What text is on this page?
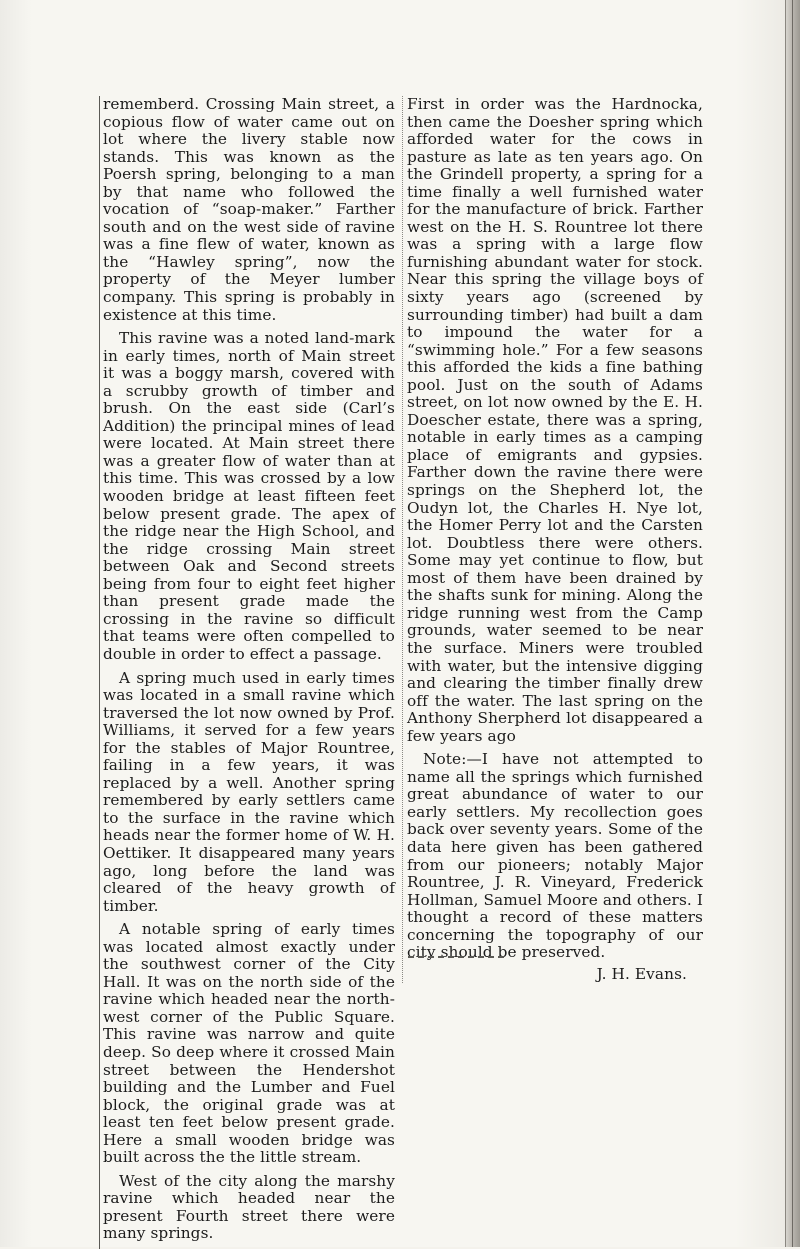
rememberd. Crossing Main street, a copious flow of water came out on lot where the livery stable now stands. This was known as the Poersh spring, belonging to a man by that name who followed the vocation of “soap-maker.” Farther south and on the west side of ravine was a fine flew of water, known as the “Hawley spring”, now the property of the Meyer lumber company. This spring is probably in existence at this time.

This ravine was a noted land-mark in early times, north of Main street it was a boggy marsh, covered with a scrubby growth of timber and brush. On the east side (Carl’s Addition) the principal mines of lead were located. At Main street there was a greater flow of water than at this time. This was crossed by a low wooden bridge at least fifteen feet below present grade. The apex of the ridge near the High School, and the ridge crossing Main street between Oak and Second streets being from four to eight feet higher than present grade made the crossing in the ravine so difficult that teams were often compelled to double in order to effect a passage.

A spring much used in early times was located in a small ravine which traversed the lot now owned by Prof. Williams, it served for a few years for the stables of Major Rountree, failing in a few years, it was replaced by a well. Another spring remembered by early settlers came to the surface in the ravine which heads near the former home of W. H. Oettiker. It disappeared many years ago, long before the land was cleared of the heavy growth of timber.

A notable spring of early times was located almost exactly under the southwest corner of the City Hall. It was on the north side of the ravine which headed near the north-west corner of the Public Square. This ravine was narrow and quite deep. So deep where it crossed Main street between the Hendershot building and the Lumber and Fuel block, the original grade was at least ten feet below present grade. Here a small wooden bridge was built across the the little stream.

West of the city along the marshy ravine which headed near the present Fourth street there were many springs.

First in order was the Hardnocka, then came the Doesher spring which afforded water for the cows in pasture as late as ten years ago. On the Grindell property, a spring for a time finally a well furnished water for the manufacture of brick. Farther west on the H. S. Rountree lot there was a spring with a large flow furnishing abundant water for stock. Near this spring the village boys of sixty years ago (screened by surrounding timber) had built a dam to impound the water for a “swimming hole.” For a few seasons this afforded the kids a fine bathing pool. Just on the south of Adams street, on lot now owned by the E. H. Doescher estate, there was a spring, notable in early times as a camping place of emigrants and gypsies. Farther down the ravine there were springs on the Shepherd lot, the Oudyn lot, the Charles H. Nye lot, the Homer Perry lot and the Carsten lot. Doubtless there were others. Some may yet continue to flow, but most of them have been drained by the shafts sunk for mining. Along the ridge running west from the Camp grounds, water seemed to be near the surface. Miners were troubled with water, but the intensive digging and clearing the timber finally drew off the water. The last spring on the Anthony Sherpherd lot disappeared a few years ago

Note:—I have not attempted to name all the springs which furnished great abundance of water to our early settlers. My recollection goes back over seventy years. Some of the data here given has been gathered from our pioneers; notably Major Rountree, J. R. Vineyard, Frederick Hollman, Samuel Moore and others. I thought a record of these matters concerning the topography of our city should be preserved.

J. H. Evans.
